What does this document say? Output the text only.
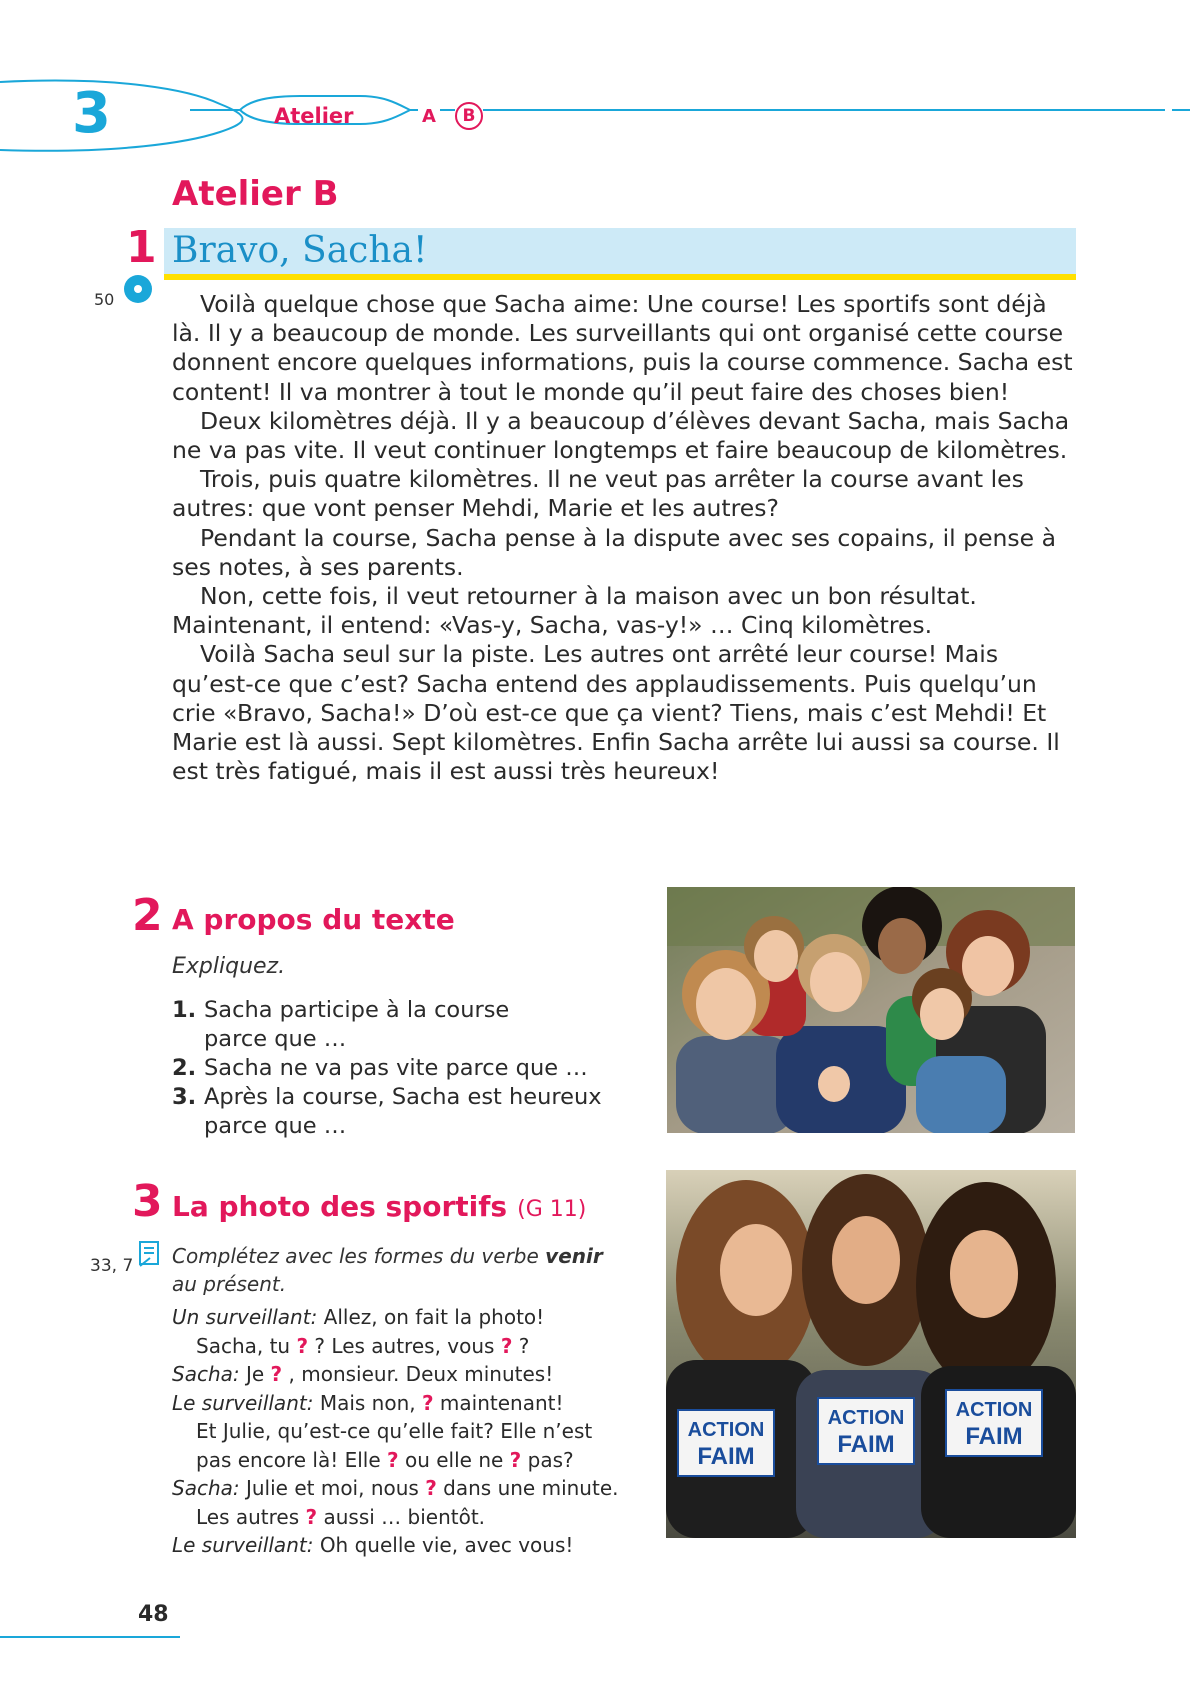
3	Atelier	A	B
Atelier B
1 Bravo, Sacha!
50	Voilà quelque chose que Sacha aime: Une course! Les sportifs sont déjà là. Il y a beaucoup de monde. Les surveillants qui ont organisé cette course donnent encore quelques informations, puis la course commence. Sacha est content! Il va montrer à tout le monde qu’il peut faire des choses bien!

Deux kilomètres déjà. Il y a beaucoup d’élèves devant Sacha, mais Sacha ne va pas vite. Il veut continuer longtemps et faire beaucoup de kilomètres.

Trois, puis quatre kilomètres. Il ne veut pas arrêter la course avant les autres: que vont penser Mehdi, Marie et les autres?

Pendant la course, Sacha pense à la dispute avec ses copains, il pense à ses notes, à ses parents.

Non, cette fois, il veut retourner à la maison avec un bon résultat. Maintenant, il entend: «Vas-y, Sacha, vas-y!» … Cinq kilomètres.

Voilà Sacha seul sur la piste. Les autres ont arrêté leur course! Mais qu’est-ce que c’est? Sacha entend des applaudissements. Puis quelqu’un crie «Bravo, Sacha!» D’où est-ce que ça vient? Tiens, mais c’est Mehdi! Et Marie est là aussi. Sept kilomètres. Enfin Sacha arrête lui aussi sa course. Il est très fatigué, mais il est aussi très heureux!

2 A propos du texte
Expliquez.
1. Sacha participe à la course
parce que …
2. Sacha ne va pas vite parce que …
3. Après la course, Sacha est heureux
parce que …
3 La photo des sportifs (G 11)
33, 7 Complétez avec les formes du verbe venir
au présent.
Un surveillant: Allez, on fait la photo!
Sacha, tu ? ? Les autres, vous ? ?
Sacha: Je ? , monsieur. Deux minutes!
Le surveillant: Mais non, ? maintenant!
Et Julie, qu’est-ce qu’elle fait? Elle n’est
pas encore là! Elle ? ou elle ne ? pas?
Sacha: Julie et moi, nous ? dans une minute.
Les autres ? aussi … bientôt.
Le surveillant: Oh quelle vie, avec vous!
ACTION
FAIM
ACTION
FAIM
ACTION
FAIM
48
